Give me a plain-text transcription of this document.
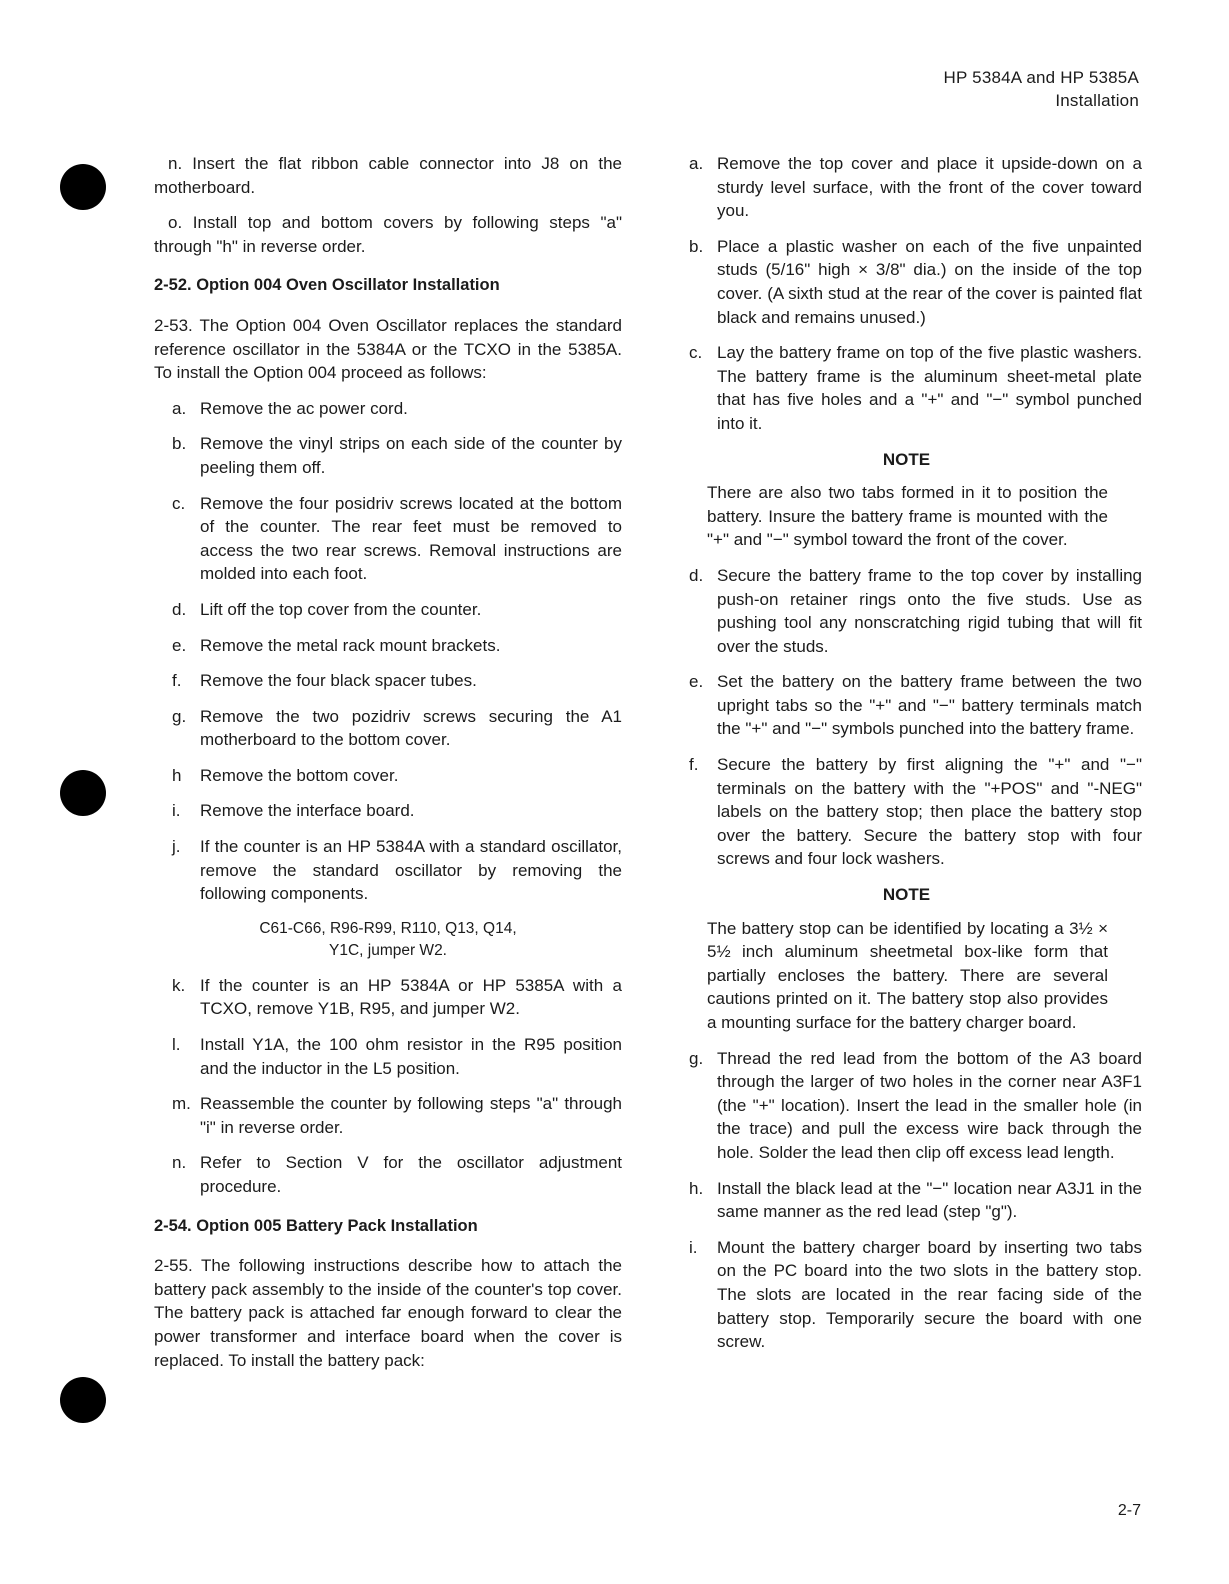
HP 5384A and HP 5385A
Installation

n. Insert the flat ribbon cable connector into J8 on the motherboard.

o. Install top and bottom covers by following steps "a" through "h" in reverse order.

2-52. Option 004 Oven Oscillator Installation

2-53. The Option 004 Oven Oscillator replaces the standard reference oscillator in the 5384A or the TCXO in the 5385A. To install the Option 004 proceed as follows:

a. Remove the ac power cord.
b. Remove the vinyl strips on each side of the counter by peeling them off.
c. Remove the four posidriv screws located at the bottom of the counter. The rear feet must be removed to access the two rear screws. Removal instructions are molded into each foot.
d. Lift off the top cover from the counter.
e. Remove the metal rack mount brackets.
f.	Remove the four black spacer tubes.
g. Remove the two pozidriv screws securing the A1 motherboard to the bottom cover.
h	Remove the bottom cover.
i.	Remove the interface board.
j.	If the counter is an HP 5384A with a standard oscillator, remove the standard oscillator by removing the following components.
C61-C66, R96-R99, R110, Q13, Q14,
Y1C, jumper W2.
k. If the counter is an HP 5384A or HP 5385A with a TCXO, remove Y1B, R95, and jumper W2.
l.	Install Y1A, the 100 ohm resistor in the R95 position and the inductor in the L5 position.
m. Reassemble the counter by following steps "a" through "i" in reverse order.
n. Refer to Section V for the oscillator adjustment procedure.
2-54. Option 005 Battery Pack Installation

2-55. The following instructions describe how to attach the battery pack assembly to the inside of the counter's top cover. The battery pack is attached far enough forward to clear the power transformer and interface board when the cover is replaced. To install the battery pack:

a. Remove the top cover and place it upside-down on a sturdy level surface, with the front of the cover toward you.
b. Place a plastic washer on each of the five unpainted studs (5/16" high × 3/8" dia.) on the inside of the top cover. (A sixth stud at the rear of the cover is painted flat black and remains unused.)
c. Lay the battery frame on top of the five plastic washers. The battery frame is the aluminum sheet-metal plate that has five holes and a "+" and "−" symbol punched into it.
NOTE

There are also two tabs formed in it to position the battery. Insure the battery frame is mounted with the "+" and "−" symbol toward the front of the cover.

d. Secure the battery frame to the top cover by installing push-on retainer rings onto the five studs. Use as pushing tool any nonscratching rigid tubing that will fit over the studs.
e. Set the battery on the battery frame between the two upright tabs so the "+" and "−" battery terminals match the "+" and "−" symbols punched into the battery frame.
f.	Secure the battery by first aligning the "+" and "−" terminals on the battery with the "+POS" and "-NEG" labels on the battery stop; then place the battery stop over the battery. Secure the battery stop with four screws and four lock washers.
NOTE

The battery stop can be identified by locating a 3½ × 5½ inch aluminum sheetmetal box-like form that partially encloses the battery. There are several cautions printed on it. The battery stop also provides a mounting surface for the battery charger board.

g. Thread the red lead from the bottom of the A3 board through the larger of two holes in the corner near A3F1 (the "+" location). Insert the lead in the smaller hole (in the trace) and pull the excess wire back through the hole. Solder the lead then clip off excess lead length.
h. Install the black lead at the "−" location near A3J1 in the same manner as the red lead (step "g").
i.	Mount the battery charger board by inserting two tabs on the PC board into the two slots in the battery stop. The slots are located in the rear facing side of the battery stop. Temporarily secure the board with one screw.
2-7
